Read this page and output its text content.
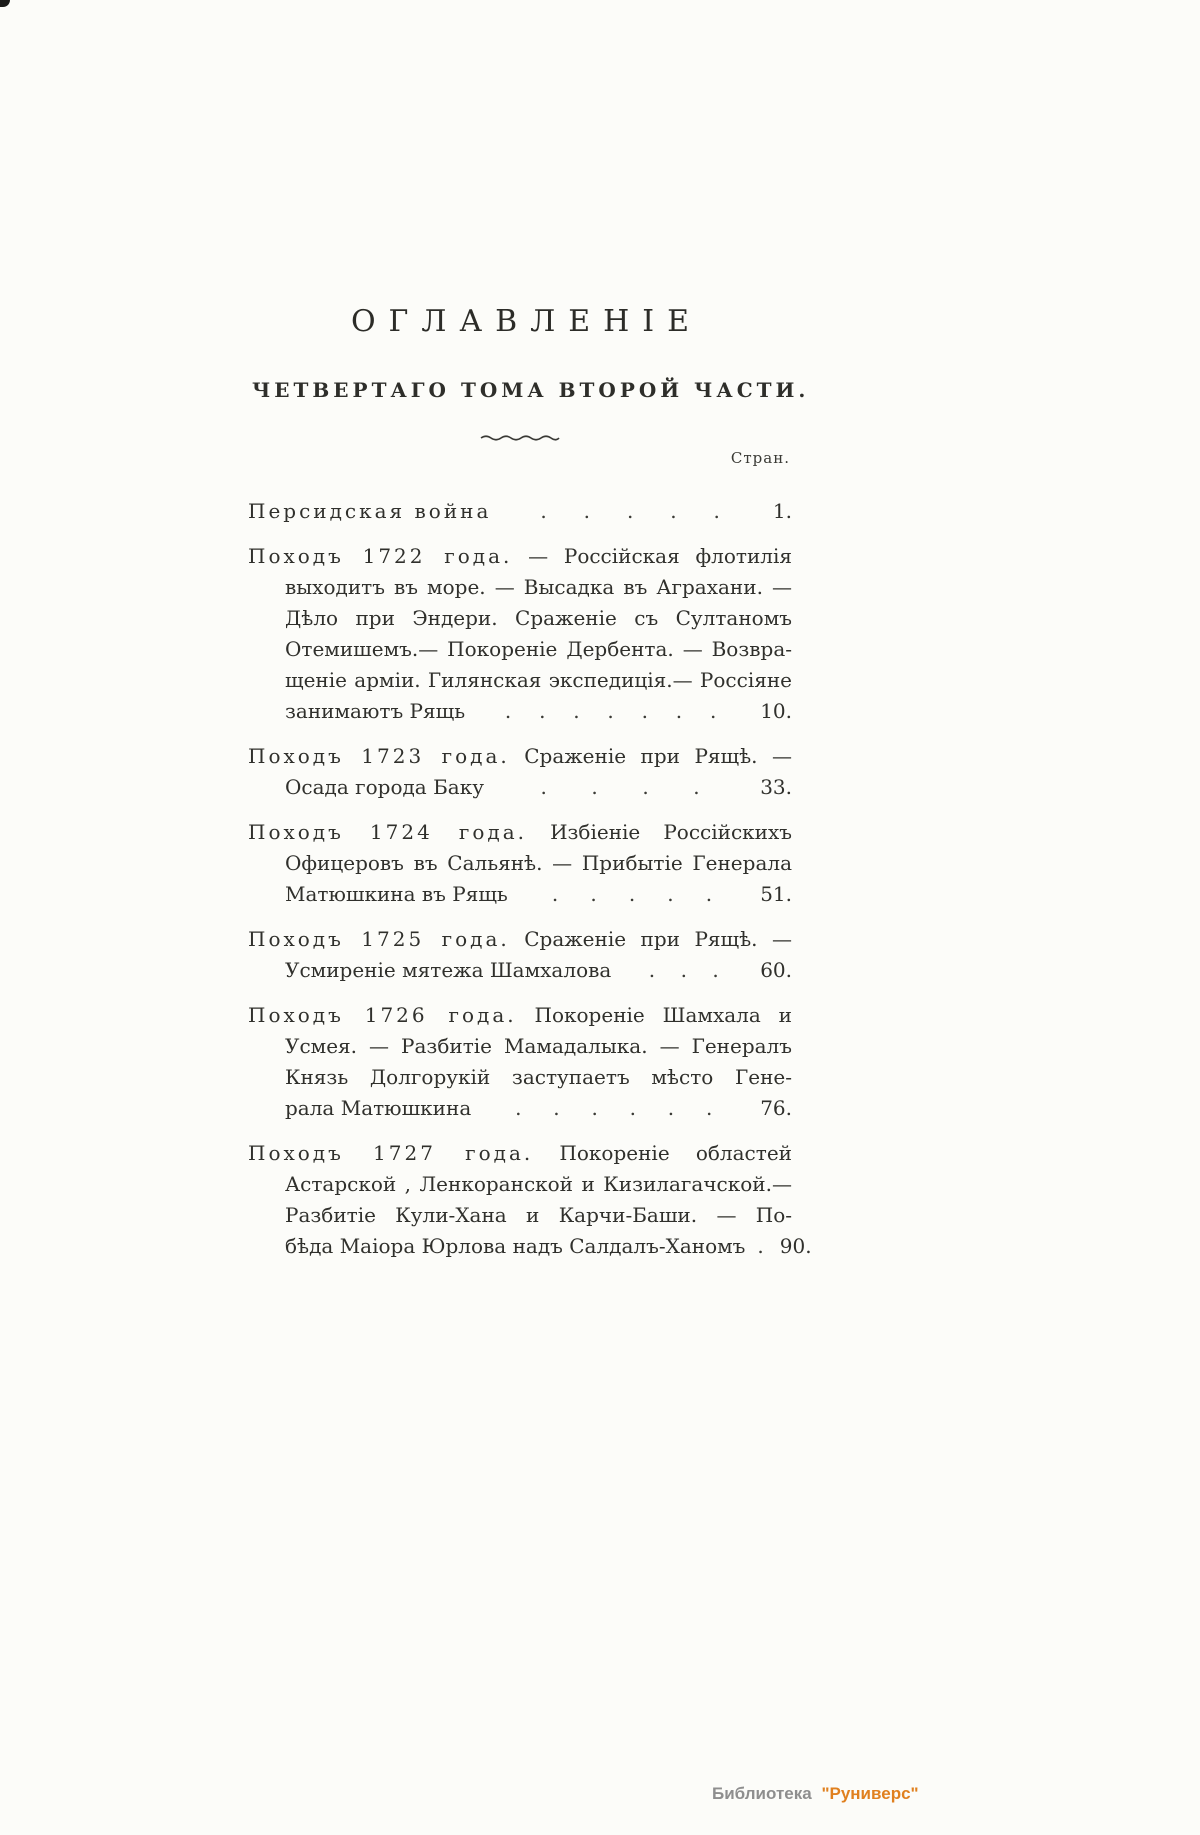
ОГЛАВЛЕНІЕ
ЧЕТВЕРТАГО ТОМА ВТОРОЙ ЧАСТИ.
Стран.
Персидская война . . . . .	1.
Походъ 1722 года. — Россійская флотилія
выходитъ въ море. — Высадка въ Аграхани. —
Дѣло при Эндери. Сраженіе съ Султаномъ
Отемишемъ.— Покореніе Дербента. — Возвра-
щеніе арміи. Гилянская экспедиція.— Россіяне
занимаютъ Рящь . . . . . . . 10.
Походъ 1723 года. Сраженіе при Рящѣ. —
Осада города Баку	. . . .	33.
Походъ 1724 года. Избіеніе Россійскихъ
Офицеровъ въ Сальянѣ. — Прибытіе Генерала
Матюшкина въ Рящь . . . . . 51.
Походъ 1725 года. Сраженіе при Рящѣ. —
Усмиреніе мятежа Шамхалова . . . 60.
Походъ 1726 года. Покореніе Шамхала и
Усмея. — Разбитіе Мамадалыка. — Генералъ
Князь Долгорукій заступаетъ мѣсто Гене-
рала Матюшкина . . . . . . 76.
Походъ 1727 года. Покореніе областей
Астарской , Ленкоранской и Кизилагачской.—
Разбитіе Кули-Хана и Карчи-Баши. — По-
бѣда Маіора Юрлова надъ Салдалъ-Ханомъ . 90.
Библиотека "Руниверс"
